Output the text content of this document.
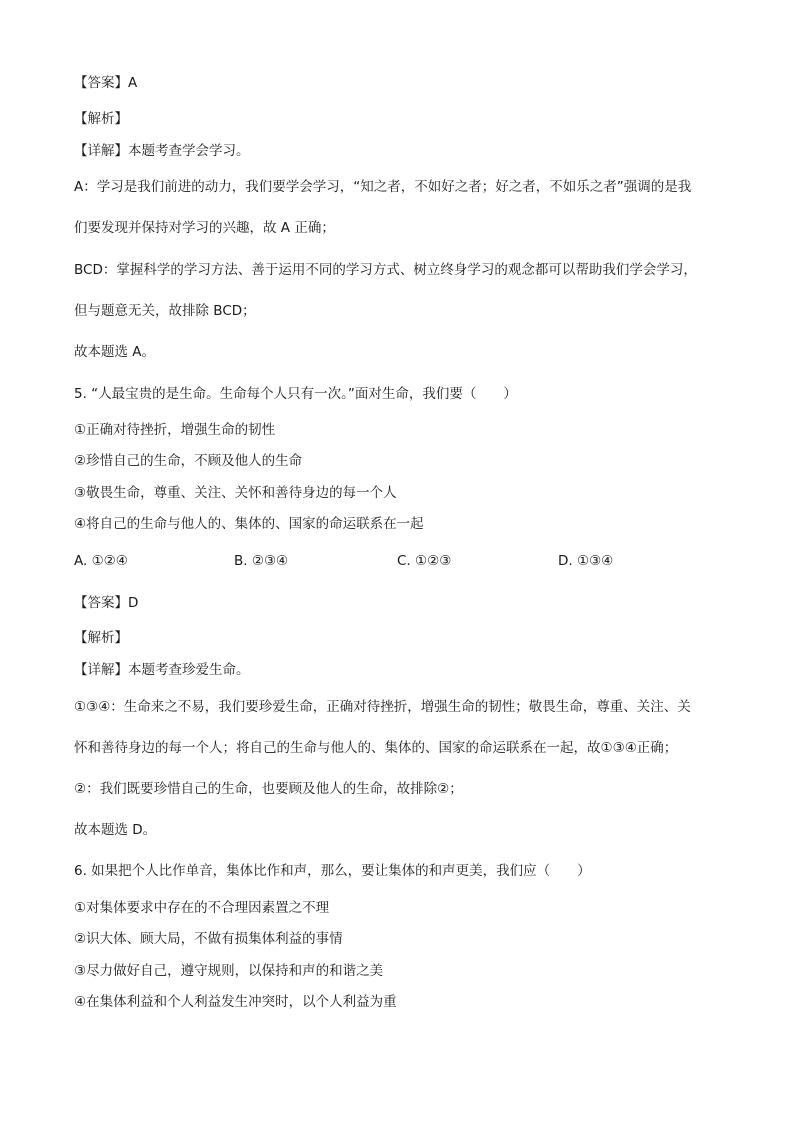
【答案】A

【解析】

【详解】本题考查学会学习。

A：学习是我们前进的动力，我们要学会学习，“知之者，不如好之者；好之者，不如乐之者”强调的是我

们要发现并保持对学习的兴趣，故 A 正确；

BCD：掌握科学的学习方法、善于运用不同的学习方式、树立终身学习的观念都可以帮助我们学会学习，

但与题意无关，故排除 BCD；

故本题选 A。

5. “人最宝贵的是生命。生命每个人只有一次。”面对生命，我们要（　　）

①正确对待挫折，增强生命的韧性

②珍惜自己的生命，不顾及他人的生命

③敬畏生命，尊重、关注、关怀和善待身边的每一个人

④将自己的生命与他人的、集体的、国家的命运联系在一起

A. ①②④	B. ②③④	C. ①②③	D. ①③④

【答案】D

【解析】

【详解】本题考查珍爱生命。

①③④：生命来之不易，我们要珍爱生命，正确对待挫折，增强生命的韧性；敬畏生命，尊重、关注、关

怀和善待身边的每一个人；将自己的生命与他人的、集体的、国家的命运联系在一起，故①③④正确；

②：我们既要珍惜自己的生命，也要顾及他人的生命，故排除②；

故本题选 D。

6. 如果把个人比作单音，集体比作和声，那么，要让集体的和声更美，我们应（　　）

①对集体要求中存在的不合理因素置之不理

②识大体、顾大局，不做有损集体利益的事情

③尽力做好自己，遵守规则，以保持和声的和谐之美

④在集体利益和个人利益发生冲突时，以个人利益为重
